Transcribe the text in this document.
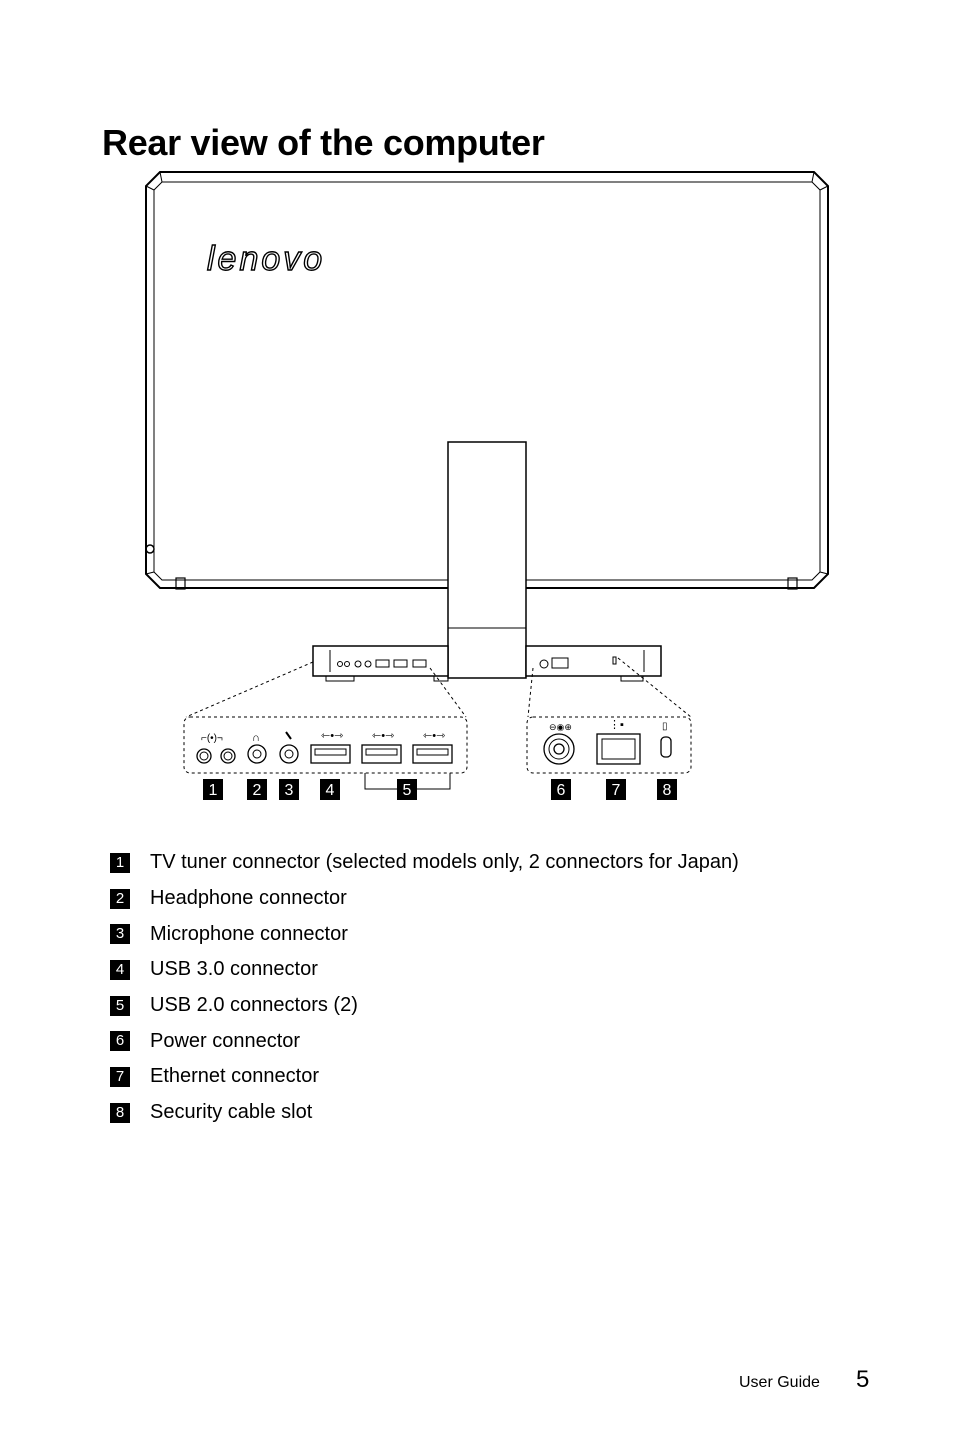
Rear view of the computer
lenovo
⌐(•)¬	∩	⇽•⇾	⇽•⇾	⇽•⇾
⊖◉⊕	⋮▪	▯
1 2 3 4	5	6	7	8
1 TV tuner connector (selected models only, 2 connectors for Japan)
2 Headphone connector
3 Microphone connector
4 USB 3.0 connector
5 USB 2.0 connectors (2)
6 Power connector
7 Ethernet connector
8 Security cable slot
User Guide 5
